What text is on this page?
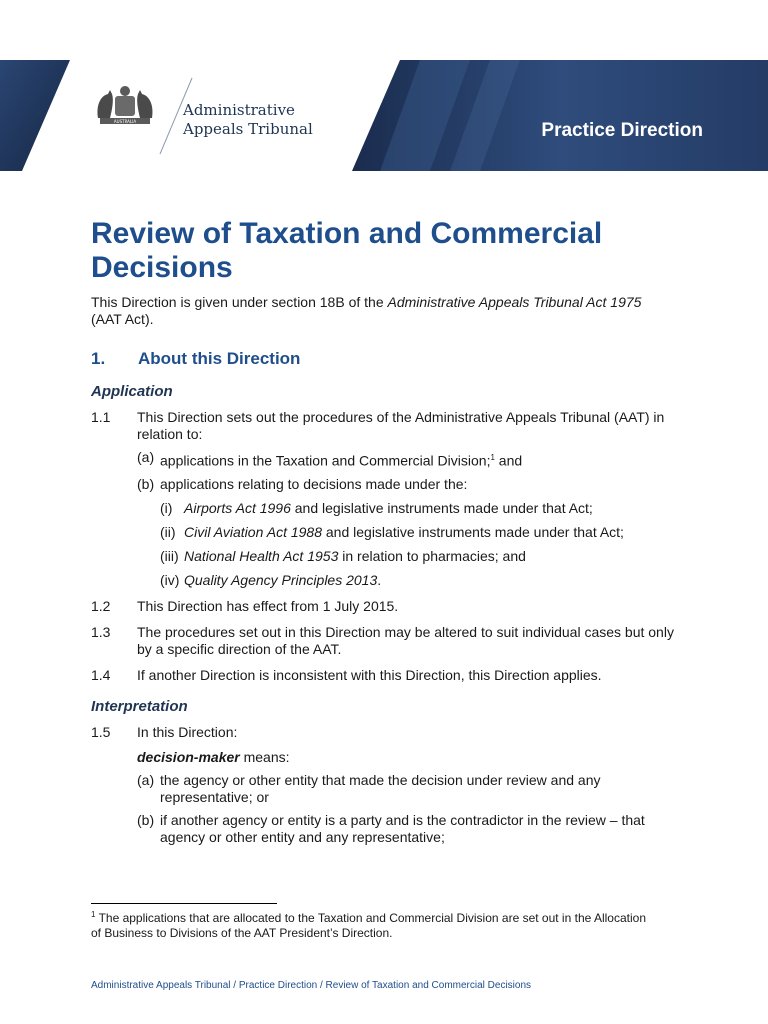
AUSTRALIA
Administrative
Appeals Tribunal	Practice Direction
Review of Taxation and Commercial Decisions
This Direction is given under section 18B of the Administrative Appeals Tribunal Act 1975
(AAT Act).
1.	About this Direction
Application
1.1	This Direction sets out the procedures of the Administrative Appeals Tribunal (AAT) in relation to:
(a) applications in the Taxation and Commercial Division;$^1$ and
(b) applications relating to decisions made under the:
(i) Airports Act 1996 and legislative instruments made under that Act;
(ii) Civil Aviation Act 1988 and legislative instruments made under that Act;
(iii) National Health Act 1953 in relation to pharmacies; and
(iv) Quality Agency Principles 2013.
1.2	This Direction has effect from 1 July 2015.
1.3	The procedures set out in this Direction may be altered to suit individual cases but only by a specific direction of the AAT.
1.4	If another Direction is inconsistent with this Direction, this Direction applies.
Interpretation
1.5	In this Direction:
decision-maker means:
(a) the agency or other entity that made the decision under review and any representative; or
(b) if another agency or entity is a party and is the contradictor in the review – that agency or other entity and any representative;
$^1$ The applications that are allocated to the Taxation and Commercial Division are set out in the Allocation of Business to Divisions of the AAT President’s Direction.
Administrative Appeals Tribunal / Practice Direction / Review of Taxation and Commercial Decisions
